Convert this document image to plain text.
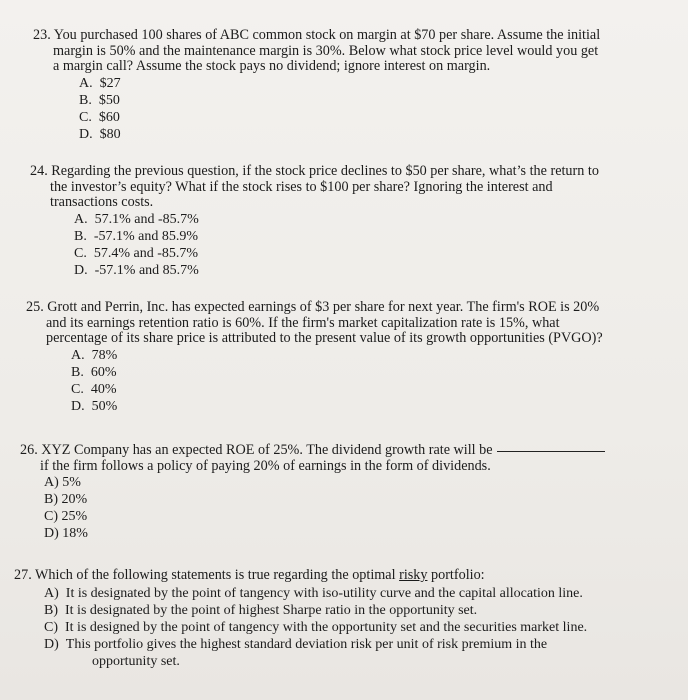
23. You purchased 100 shares of ABC common stock on margin at $70 per share. Assume the initial
margin is 50% and the maintenance margin is 30%. Below what stock price level would you get
a margin call? Assume the stock pays no dividend; ignore interest on margin.
A. $27
B. $50
C. $60
D. $80
24. Regarding the previous question, if the stock price declines to $50 per share, what’s the return to
the investor’s equity? What if the stock rises to $100 per share? Ignoring the interest and
transactions costs.
A. 57.1% and -85.7%
B. -57.1% and 85.9%
C. 57.4% and -85.7%
D. -57.1% and 85.7%
25. Grott and Perrin, Inc. has expected earnings of $3 per share for next year. The firm's ROE is 20%
and its earnings retention ratio is 60%. If the firm's market capitalization rate is 15%, what
percentage of its share price is attributed to the present value of its growth opportunities (PVGO)?
A. 78%
B. 60%
C. 40%
D. 50%
26. XYZ Company has an expected ROE of 25%. The dividend growth rate will be
if the firm follows a policy of paying 20% of earnings in the form of dividends.
A) 5%
B) 20%
C) 25%
D) 18%
27. Which of the following statements is true regarding the optimal risky portfolio:
A) It is designated by the point of tangency with iso-utility curve and the capital allocation line.
B) It is designated by the point of highest Sharpe ratio in the opportunity set.
C) It is designed by the point of tangency with the opportunity set and the securities market line.
D) This portfolio gives the highest standard deviation risk per unit of risk premium in the
opportunity set.
